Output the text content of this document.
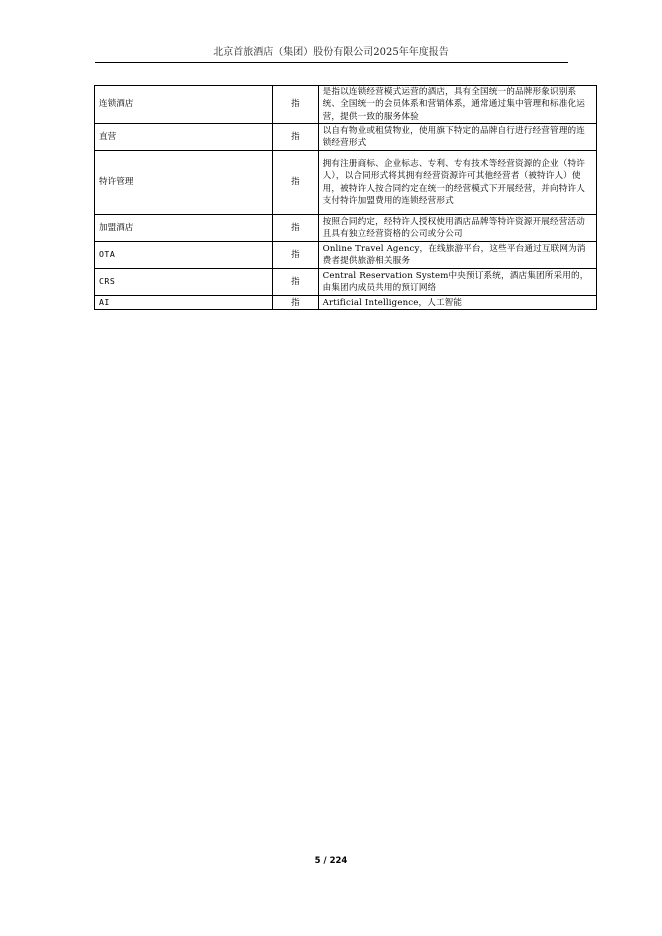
北京首旅酒店（集团）股份有限公司2025年年度报告
连锁酒店	指	是指以连锁经营模式运营的酒店，具有全国统一的品牌形象识别系统、全国统一的会员体系和营销体系，通常通过集中管理和标准化运营，提供一致的服务体验
直营	指	以自有物业或租赁物业，使用旗下特定的品牌自行进行经营管理的连锁经营形式
特许管理	指	拥有注册商标、企业标志、专利、专有技术等经营资源的企业（特许人），以合同形式将其拥有经营资源许可其他经营者（被特许人）使用，被特许人按合同约定在统一的经营模式下开展经营，并向特许人支付特许加盟费用的连锁经营形式
加盟酒店	指	按照合同约定，经特许人授权使用酒店品牌等特许资源开展经营活动且具有独立经营资格的公司或分公司
OTA	指	Online Travel Agency，在线旅游平台，这些平台通过互联网为消费者提供旅游相关服务
CRS	指	Central Reservation System中央预订系统，酒店集团所采用的，由集团内成员共用的预订网络
AI	指	Artificial Intelligence，人工智能
5 / 224
